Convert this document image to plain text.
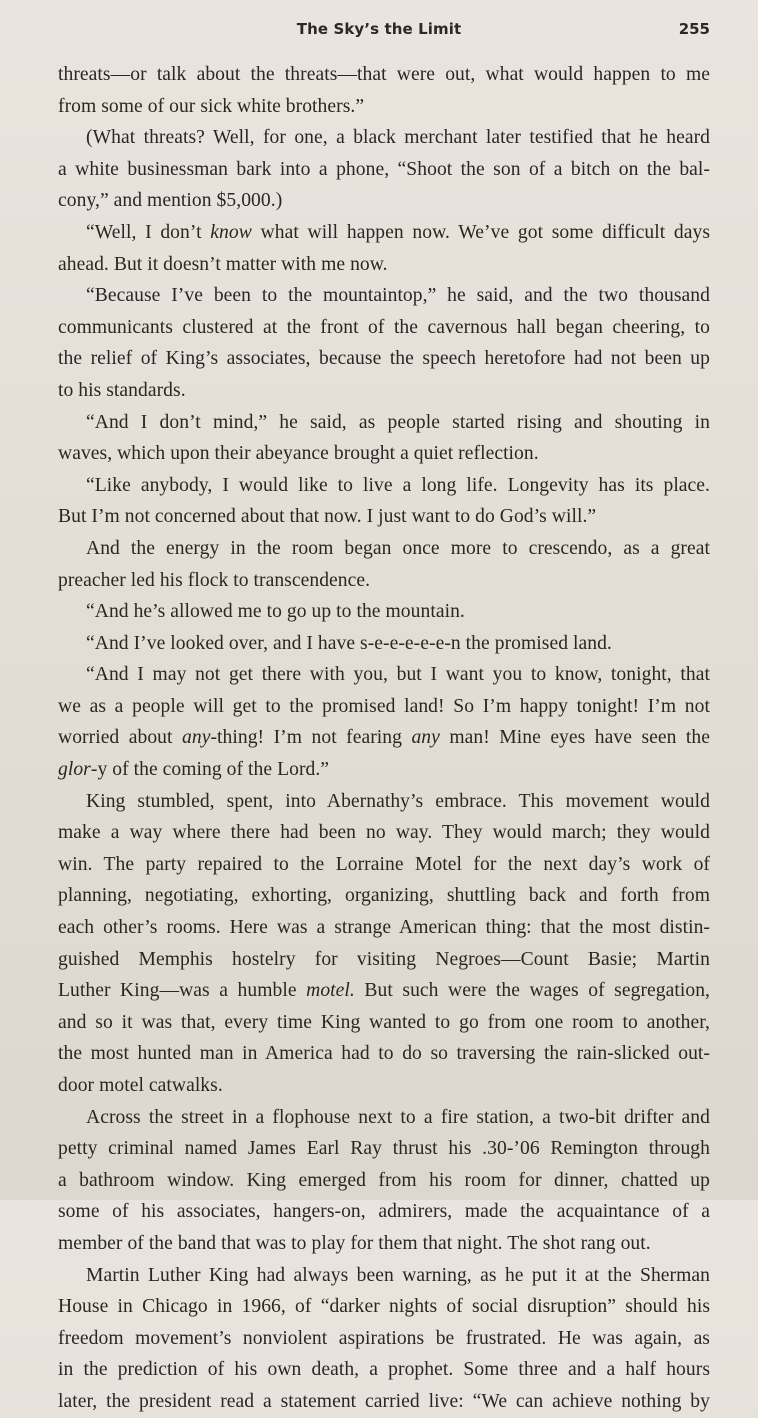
The Sky’s the Limit	255
threats—or talk about the threats—that were out, what would happen to me
from some of our sick white brothers.”
(What threats? Well, for one, a black merchant later testified that he heard
a white businessman bark into a phone, “Shoot the son of a bitch on the bal-
cony,” and mention $5,000.)
“Well, I don’t know what will happen now. We’ve got some difficult days
ahead. But it doesn’t matter with me now.
“Because I’ve been to the mountaintop,” he said, and the two thousand
communicants clustered at the front of the cavernous hall began cheering, to
the relief of King’s associates, because the speech heretofore had not been up
to his standards.
“And I don’t mind,” he said, as people started rising and shouting in
waves, which upon their abeyance brought a quiet reflection.
“Like anybody, I would like to live a long life. Longevity has its place.
But I’m not concerned about that now. I just want to do God’s will.”
And the energy in the room began once more to crescendo, as a great
preacher led his flock to transcendence.
“And he’s allowed me to go up to the mountain.
“And I’ve looked over, and I have s-e-e-e-e-e-n the promised land.
“And I may not get there with you, but I want you to know, tonight, that
we as a people will get to the promised land! So I’m happy tonight! I’m not
worried about any-thing! I’m not fearing any man! Mine eyes have seen the
glor-y of the coming of the Lord.”
King stumbled, spent, into Abernathy’s embrace. This movement would
make a way where there had been no way. They would march; they would
win. The party repaired to the Lorraine Motel for the next day’s work of
planning, negotiating, exhorting, organizing, shuttling back and forth from
each other’s rooms. Here was a strange American thing: that the most distin-
guished Memphis hostelry for visiting Negroes—Count Basie; Martin
Luther King—was a humble motel. But such were the wages of segregation,
and so it was that, every time King wanted to go from one room to another,
the most hunted man in America had to do so traversing the rain-slicked out-
door motel catwalks.
Across the street in a flophouse next to a fire station, a two-bit drifter and
petty criminal named James Earl Ray thrust his .30-’06 Remington through
a bathroom window. King emerged from his room for dinner, chatted up
some of his associates, hangers-on, admirers, made the acquaintance of a
member of the band that was to play for them that night. The shot rang out.
Martin Luther King had always been warning, as he put it at the Sherman
House in Chicago in 1966, of “darker nights of social disruption” should his
freedom movement’s nonviolent aspirations be frustrated. He was again, as
in the prediction of his own death, a prophet. Some three and a half hours
later, the president read a statement carried live: “We can achieve nothing by
